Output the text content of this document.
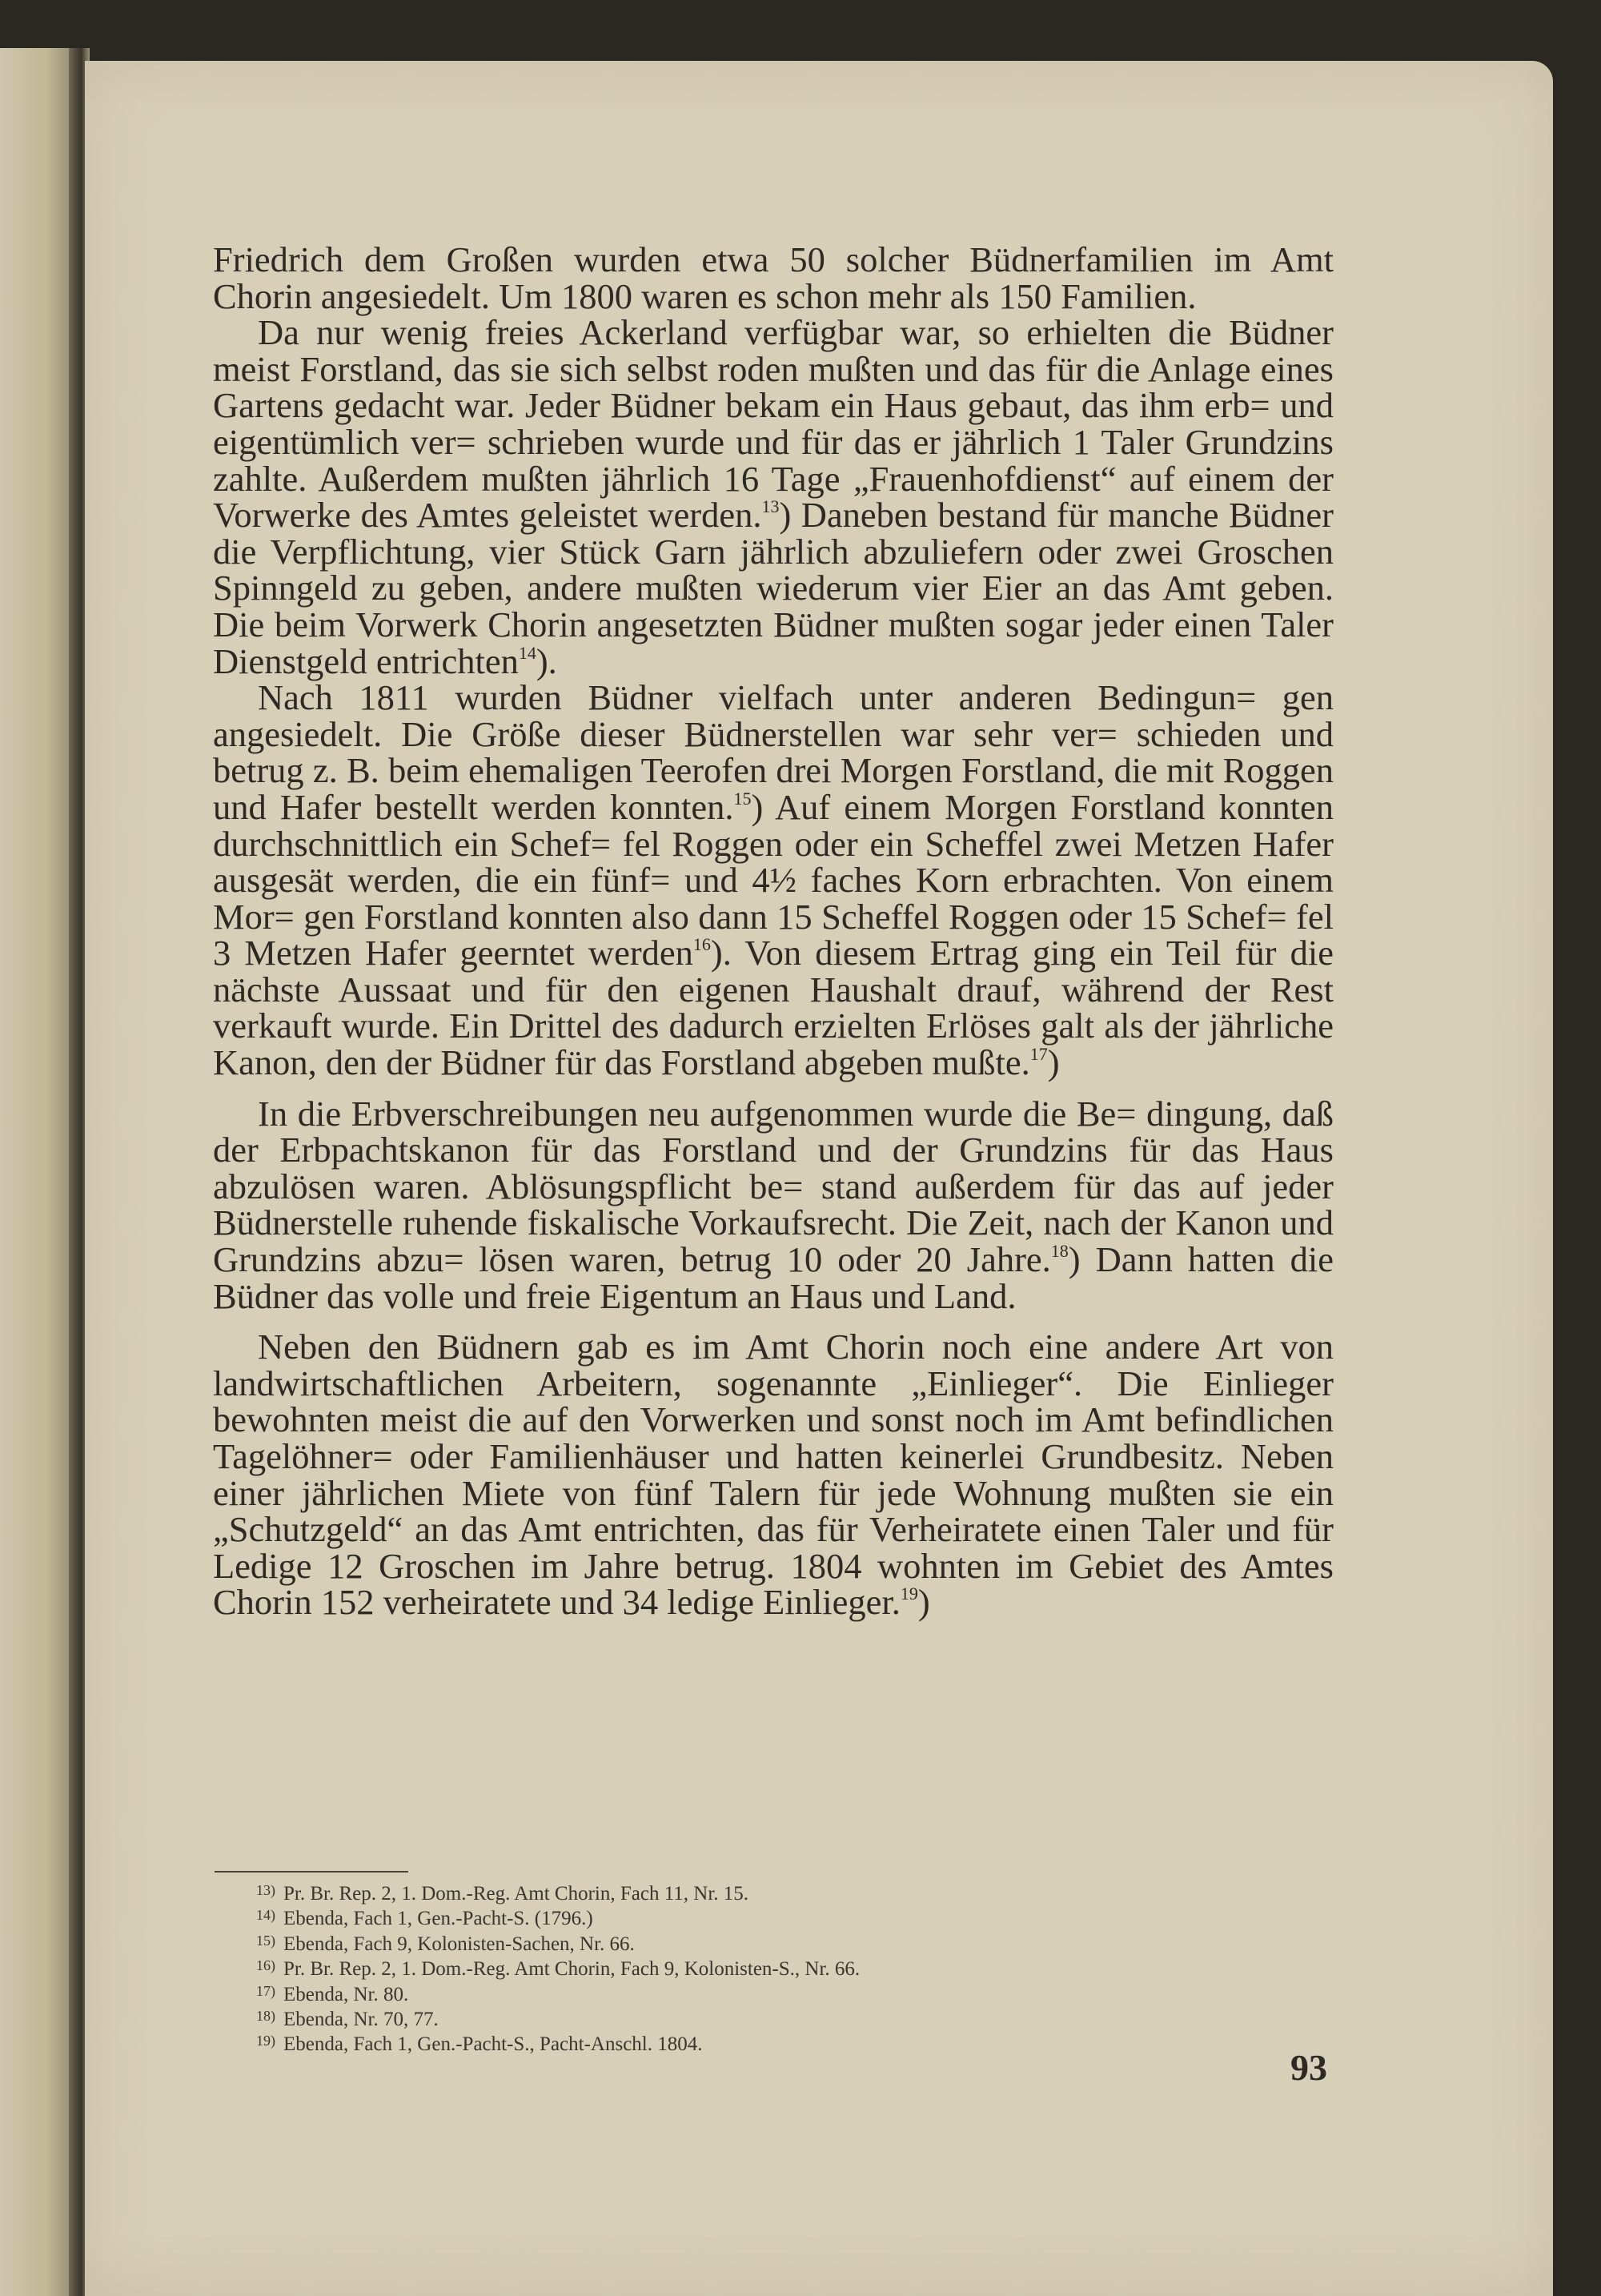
Friedrich dem Großen wurden etwa 50 solcher Büdnerfamilien im Amt Chorin angesiedelt. Um 1800 waren es schon mehr als 150 Familien.

Da nur wenig freies Ackerland verfügbar war, so erhielten die Büdner meist Forstland, das sie sich selbst roden mußten und das für die Anlage eines Gartens gedacht war. Jeder Büdner bekam ein Haus gebaut, das ihm erb= und eigentümlich ver= schrieben wurde und für das er jährlich 1 Taler Grundzins zahlte. Außerdem mußten jährlich 16 Tage „Frauenhofdienst“ auf einem der Vorwerke des Amtes geleistet werden.$^{13}$) Daneben bestand für manche Büdner die Verpflichtung, vier Stück Garn jährlich abzuliefern oder zwei Groschen Spinngeld zu geben, andere mußten wiederum vier Eier an das Amt geben. Die beim Vorwerk Chorin angesetzten Büdner mußten sogar jeder einen Taler Dienstgeld entrichten$^{14}$).

Nach 1811 wurden Büdner vielfach unter anderen Bedingun= gen angesiedelt. Die Größe dieser Büdnerstellen war sehr ver= schieden und betrug z. B. beim ehemaligen Teerofen drei Morgen Forstland, die mit Roggen und Hafer bestellt werden konnten.$^{15}$) Auf einem Morgen Forstland konnten durchschnittlich ein Schef= fel Roggen oder ein Scheffel zwei Metzen Hafer ausgesät werden, die ein fünf= und 4½ faches Korn erbrachten. Von einem Mor= gen Forstland konnten also dann 15 Scheffel Roggen oder 15 Schef= fel 3 Metzen Hafer geerntet werden$^{16}$). Von diesem Ertrag ging ein Teil für die nächste Aussaat und für den eigenen Haushalt drauf, während der Rest verkauft wurde. Ein Drittel des dadurch erzielten Erlöses galt als der jährliche Kanon, den der Büdner für das Forstland abgeben mußte.$^{17}$)

In die Erbverschreibungen neu aufgenommen wurde die Be= dingung, daß der Erbpachtskanon für das Forstland und der Grundzins für das Haus abzulösen waren. Ablösungspflicht be= stand außerdem für das auf jeder Büdnerstelle ruhende fiskalische Vorkaufsrecht. Die Zeit, nach der Kanon und Grundzins abzu= lösen waren, betrug 10 oder 20 Jahre.$^{18}$) Dann hatten die Büdner das volle und freie Eigentum an Haus und Land.

Neben den Büdnern gab es im Amt Chorin noch eine andere Art von landwirtschaftlichen Arbeitern, sogenannte „Einlieger“. Die Einlieger bewohnten meist die auf den Vorwerken und sonst noch im Amt befindlichen Tagelöhner= oder Familienhäuser und hatten keinerlei Grundbesitz. Neben einer jährlichen Miete von fünf Talern für jede Wohnung mußten sie ein „Schutzgeld“ an das Amt entrichten, das für Verheiratete einen Taler und für Ledige 12 Groschen im Jahre betrug. 1804 wohnten im Gebiet des Amtes Chorin 152 verheiratete und 34 ledige Einlieger.$^{19}$)

13) Pr. Br. Rep. 2, 1. Dom.-Reg. Amt Chorin, Fach 11, Nr. 15.
14) Ebenda, Fach 1, Gen.-Pacht-S. (1796.)
15) Ebenda, Fach 9, Kolonisten-Sachen, Nr. 66.
16) Pr. Br. Rep. 2, 1. Dom.-Reg. Amt Chorin, Fach 9, Kolonisten-S., Nr. 66.
17) Ebenda, Nr. 80.
18) Ebenda, Nr. 70, 77.
19) Ebenda, Fach 1, Gen.-Pacht-S., Pacht-Anschl. 1804.
93
